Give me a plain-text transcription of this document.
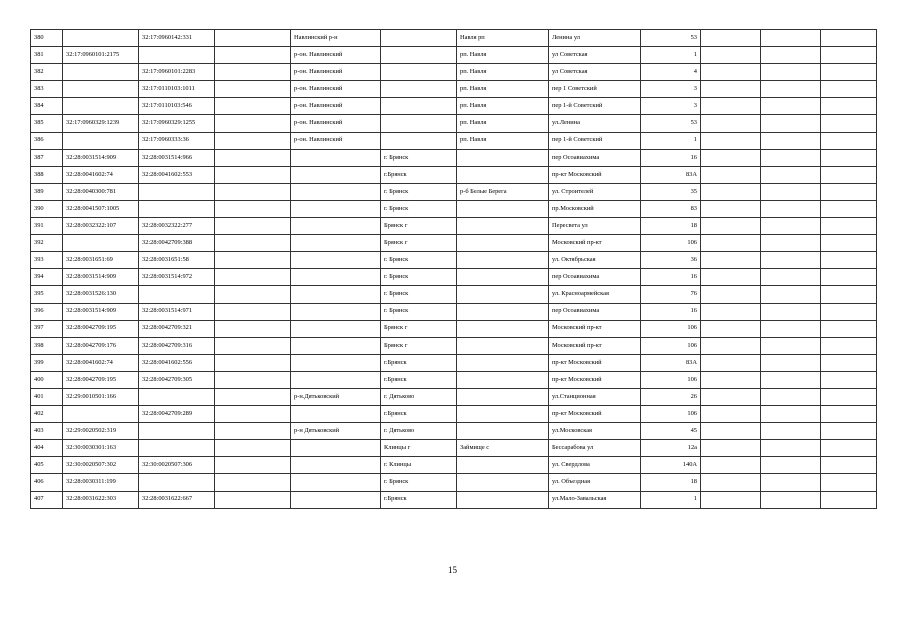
380		32:17:0960142:331		Навлинский р-н		Навля рп	Ленина ул	53			
381	32:17:0960101:2175			р-он. Навлинский		рп. Навля	ул Советская	1			
382		32:17:0960101:2283		р-он. Навлинский		рп. Навля	ул Советская	4			
383		32:17:0110103:1011		р-он. Навлинский		рп. Навля	пер 1 Советский	3			
384		32:17:0110103:546		р-он. Навлинский		рп. Навля	пер 1-й Советский	3			
385	32:17:0960329:1239	32:17:0960329:1255		р-он. Навлинский		рп. Навля	ул.Ленина	53			
386		32:17:0960333:36		р-он. Навлинский		рп. Навля	пер 1-й Советский	1			
387	32:28:0031514:909	32:28:0031514:966			г. Брянск		пер Осоавиахима	16			
388	32:28:0041602:74	32:28:0041602:553			г.Брянск		пр-кт Московский	83А			
389	32:28:0040300:781				г. Брянск	р-б Белые Берега	ул. Строителей	35			
390	32:28:0041507:1005				г. Брянск		пр.Московский	83			
391	32:28:0032322:107	32:28:0032322:277			Брянск г		Пересвета ул	18			
392		32:28:0042709:388			Брянск г		Московский пр-кт	106			
393	32:28:0031651:69	32:28:0031651:58			г. Брянск		ул. Октябрьская	36			
394	32:28:0031514:909	32:28:0031514:972			г. Брянск		пер Осоавиахима	16			
395	32:28:0031526:130				г. Брянск		ул. Красноармейская	76			
396	32:28:0031514:909	32:28:0031514:971			г. Брянск		пер Осоавиахима	16			
397	32:28:0042709:195	32:28:0042709:321			Брянск г		Московский пр-кт	106			
398	32:28:0042709:176	32:28:0042709:316			Брянск г		Московский пр-кт	106			
399	32:28:0041602:74	32:28:0041602:556			г.Брянск		пр-кт Московский	83А			
400	32:28:0042709:195	32:28:0042709:305			г.Брянск		пр-кт Московский	106			
401	32:29:0010501:166			р-н.Дятьковский	г. Дятьково		ул.Станционная	26			
402		32:28:0042709:289			г.Брянск		пр-кт Московский	106			
403	32:29:0020502:319			р-н Дятьковский	г. Дятьково		ул.Московская	45			
404	32:30:0030301:163				Клинцы г	Займище с	Бессарабова ул	12а			
405	32:30:0020507:302	32:30:0020507:306			г. Клинцы		ул. Свердлова	140А			
406	32:28:0030311:199				г. Брянск		ул. Объездная	18			
407	32:28:0031622:303	32:28:0031622:667			г.Брянск		ул.Мало-Завальская	1			
15
